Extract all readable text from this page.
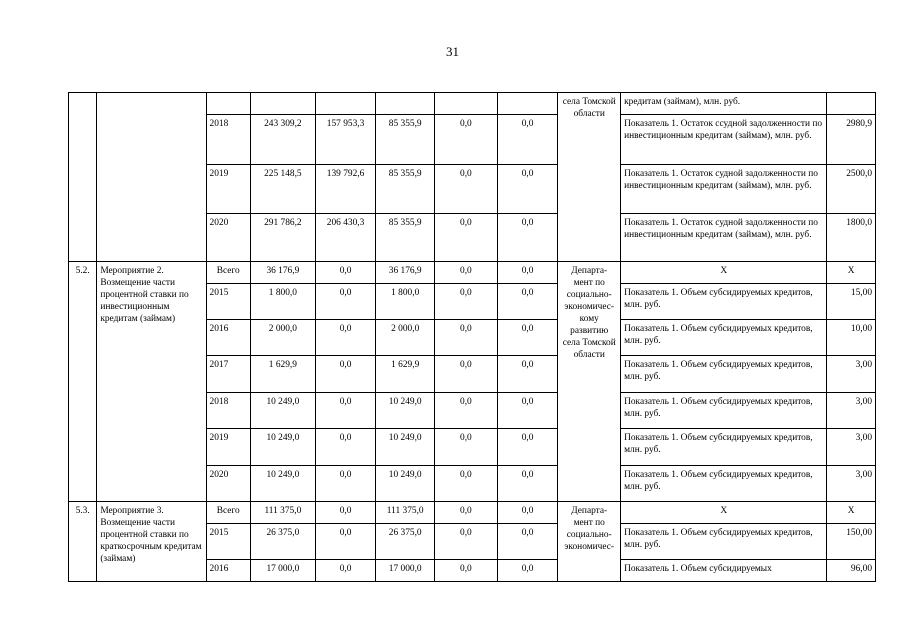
31
								села Томской области	кредитам (займам), млн. руб.	
		2018	243 309,2	157 953,3	85 355,9	0,0	0,0		Показатель 1. Остаток ссудной задолженности по инвестиционным кредитам (займам), млн. руб.	2980,9
		2019	225 148,5	139 792,6	85 355,9	0,0	0,0		Показатель 1. Остаток судной задолженности по инвестиционным кредитам (займам), млн. руб.	2500,0
		2020	291 786,2	206 430,3	85 355,9	0,0	0,0		Показатель 1. Остаток судной задолженности по инвестиционным кредитам (займам), млн. руб.	1800,0
5.2.	Мероприятие 2. Возмещение части процентной ставки по инвестиционным кредитам (займам)	Всего	36 176,9	0,0	36 176,9	0,0	0,0	Департа- мент по социально- экономичес- кому развитию села Томской области	Х	Х
		2015	1 800,0	0,0	1 800,0	0,0	0,0		Показатель 1. Объем субсидируемых кредитов, млн. руб.	15,00
		2016	2 000,0	0,0	2 000,0	0,0	0,0		Показатель 1. Объем субсидируемых кредитов, млн. руб.	10,00
		2017	1 629,9	0,0	1 629,9	0,0	0,0		Показатель 1. Объем субсидируемых кредитов, млн. руб.	3,00
		2018	10 249,0	0,0	10 249,0	0,0	0,0		Показатель 1. Объем субсидируемых кредитов, млн. руб.	3,00
		2019	10 249,0	0,0	10 249,0	0,0	0,0		Показатель 1. Объем субсидируемых кредитов, млн. руб.	3,00
		2020	10 249,0	0,0	10 249,0	0,0	0,0		Показатель 1. Объем субсидируемых кредитов, млн. руб.	3,00
5.3.	Мероприятие 3. Возмещение части процентной ставки по краткосрочным кредитам (займам)	Всего	111 375,0	0,0	111 375,0	0,0	0,0	Департа- мент по социально- экономичес-	Х	Х
		2015	26 375,0	0,0	26 375,0	0,0	0,0		Показатель 1. Объем субсидируемых кредитов, млн. руб.	150,00
		2016	17 000,0	0,0	17 000,0	0,0	0,0		Показатель 1. Объем субсидируемых	96,00
